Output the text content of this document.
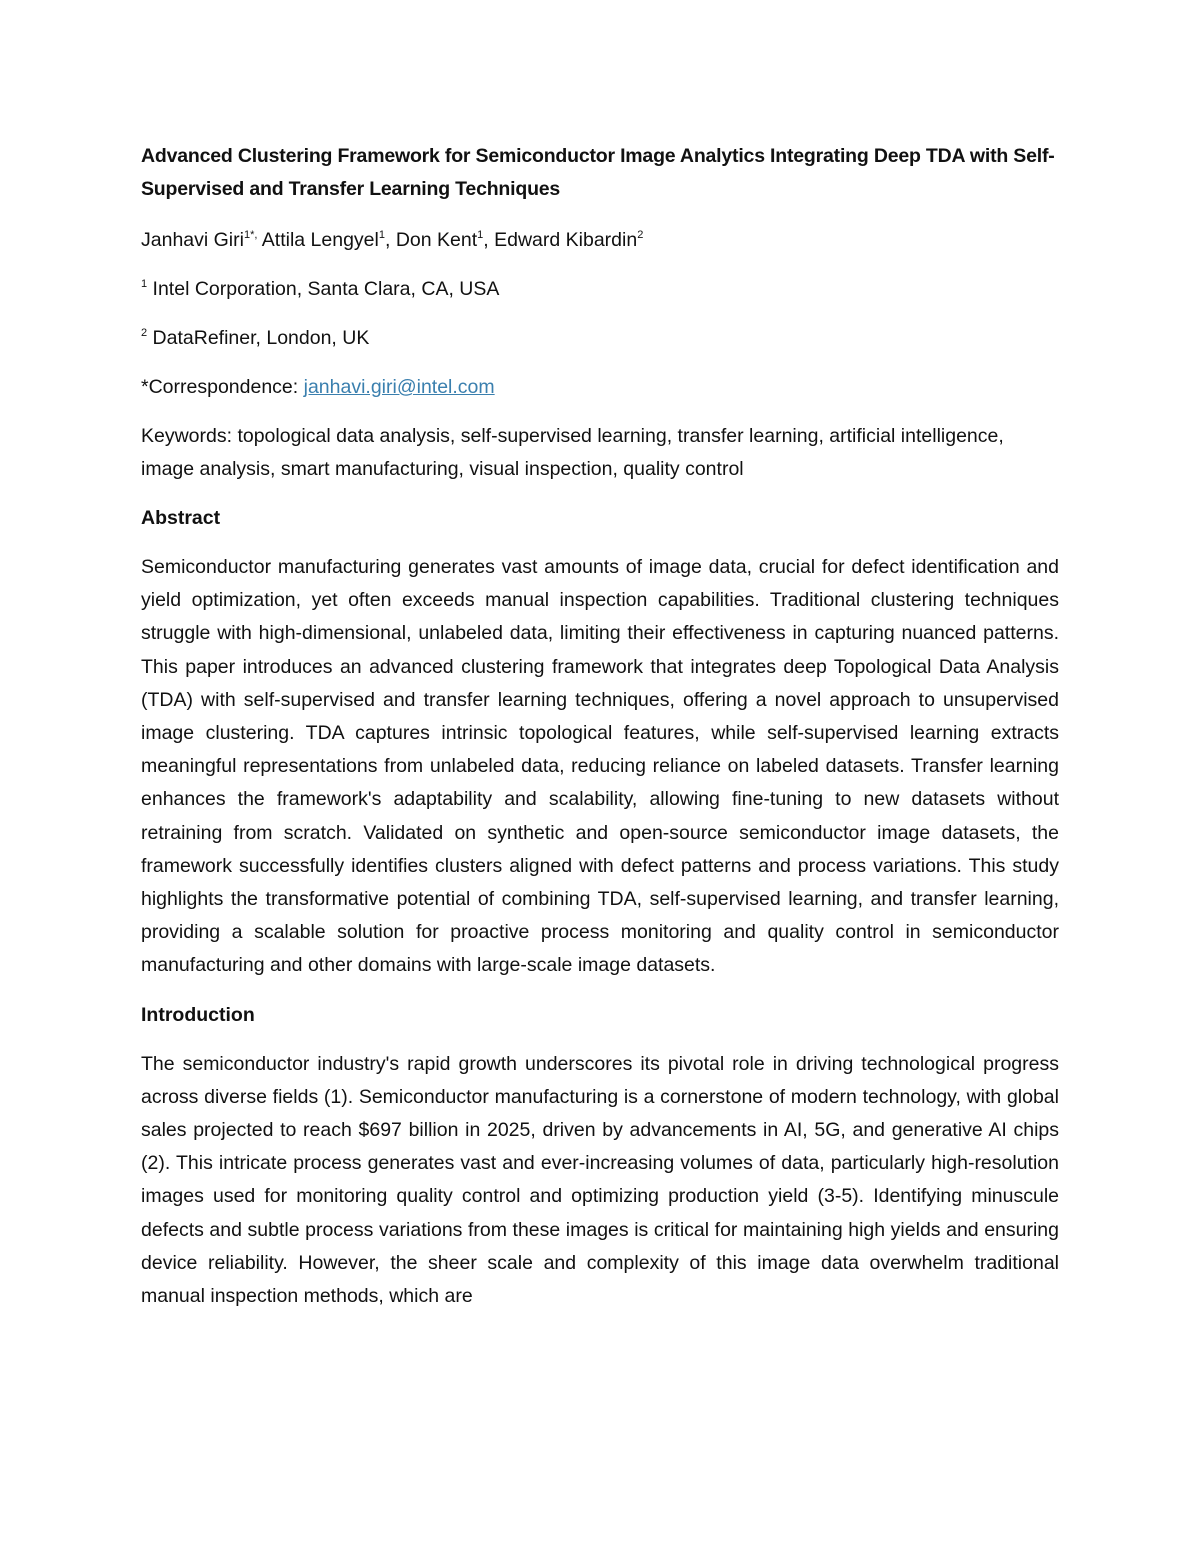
Advanced Clustering Framework for Semiconductor Image Analytics Integrating Deep TDA with Self-Supervised and Transfer Learning Techniques
Janhavi Giri$^{1*,}$ Attila Lengyel$^1$, Don Kent$^1$, Edward Kibardin$^2$
$^1$ Intel Corporation, Santa Clara, CA, USA
$^2$ DataRefiner, London, UK
*Correspondence: janhavi.giri@intel.com
Keywords: topological data analysis, self-supervised learning, transfer learning, artificial intelligence, image analysis, smart manufacturing, visual inspection, quality control
Abstract
Semiconductor manufacturing generates vast amounts of image data, crucial for defect identification and yield optimization, yet often exceeds manual inspection capabilities. Traditional clustering techniques struggle with high-dimensional, unlabeled data, limiting their effectiveness in capturing nuanced patterns. This paper introduces an advanced clustering framework that integrates deep Topological Data Analysis (TDA) with self-supervised and transfer learning techniques, offering a novel approach to unsupervised image clustering. TDA captures intrinsic topological features, while self-supervised learning extracts meaningful representations from unlabeled data, reducing reliance on labeled datasets. Transfer learning enhances the framework's adaptability and scalability, allowing fine-tuning to new datasets without retraining from scratch. Validated on synthetic and open-source semiconductor image datasets, the framework successfully identifies clusters aligned with defect patterns and process variations. This study highlights the transformative potential of combining TDA, self-supervised learning, and transfer learning, providing a scalable solution for proactive process monitoring and quality control in semiconductor manufacturing and other domains with large-scale image datasets.
Introduction
The semiconductor industry's rapid growth underscores its pivotal role in driving technological progress across diverse fields (1). Semiconductor manufacturing is a cornerstone of modern technology, with global sales projected to reach $697 billion in 2025, driven by advancements in AI, 5G, and generative AI chips (2). This intricate process generates vast and ever-increasing volumes of data, particularly high-resolution images used for monitoring quality control and optimizing production yield (3-5). Identifying minuscule defects and subtle process variations from these images is critical for maintaining high yields and ensuring device reliability. However, the sheer scale and complexity of this image data overwhelm traditional manual inspection methods, which are
